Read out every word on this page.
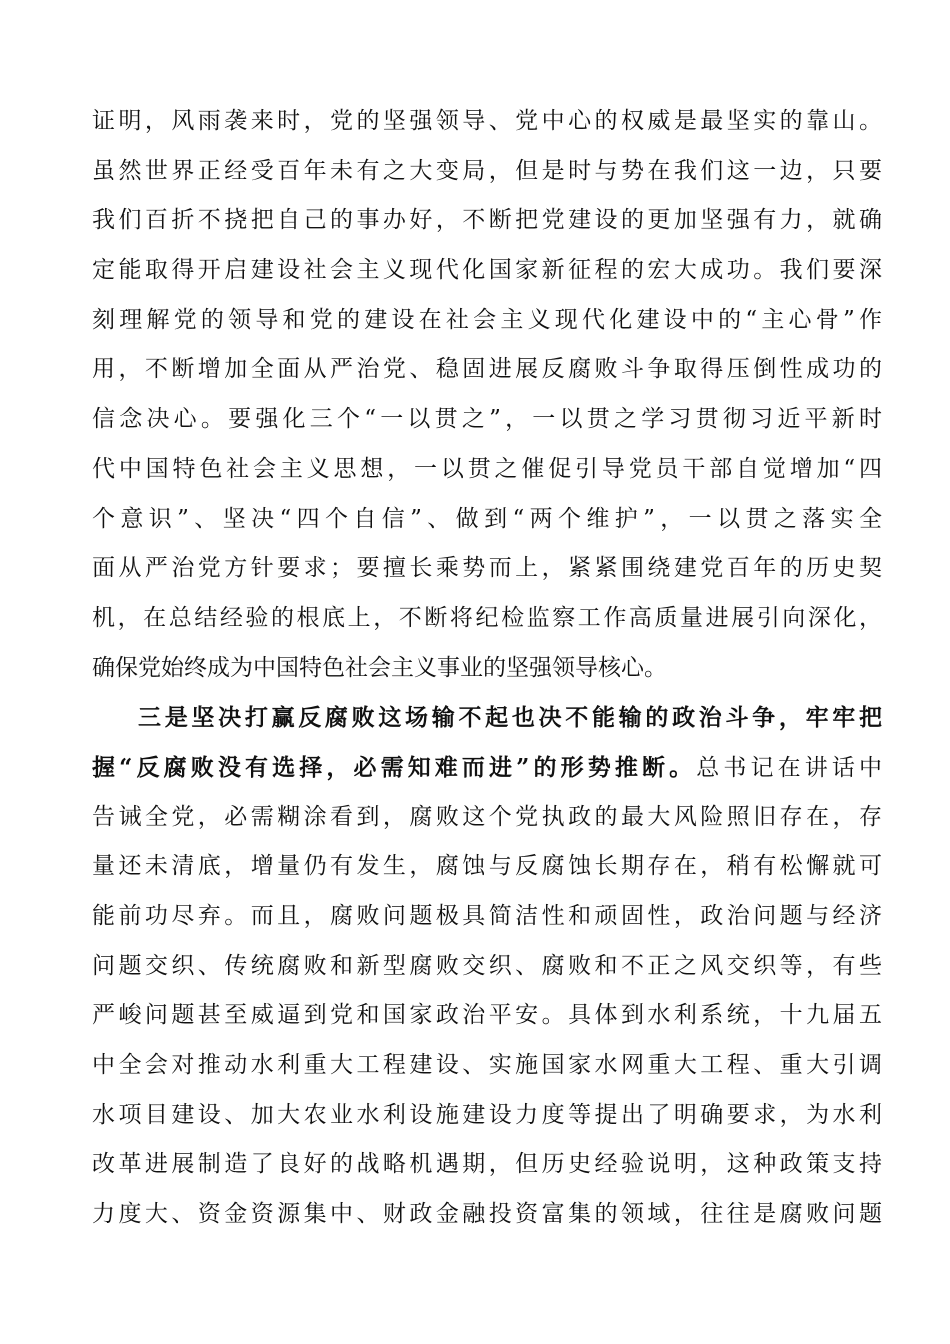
证明，风雨袭来时，党的坚强领导、党中心的权威是最坚实的靠山。
虽然世界正经受百年未有之大变局，但是时与势在我们这一边，只要
我们百折不挠把自己的事办好，不断把党建设的更加坚强有力，就确
定能取得开启建设社会主义现代化国家新征程的宏大成功。我们要深
刻理解党的领导和党的建设在社会主义现代化建设中的“主心骨”作
用，不断增加全面从严治党、稳固进展反腐败斗争取得压倒性成功的
信念决心。要强化三个“一以贯之”，一以贯之学习贯彻习近平新时
代中国特色社会主义思想，一以贯之催促引导党员干部自觉增加“四
个意识”、坚决“四个自信”、做到“两个维护”，一以贯之落实全
面从严治党方针要求；要擅长乘势而上，紧紧围绕建党百年的历史契
机，在总结经验的根底上，不断将纪检监察工作高质量进展引向深化，
确保党始终成为中国特色社会主义事业的坚强领导核心。
三是坚决打赢反腐败这场输不起也决不能输的政治斗争，牢牢把
握“反腐败没有选择，必需知难而进”的形势推断。总书记在讲话中
告诫全党，必需糊涂看到，腐败这个党执政的最大风险照旧存在，存
量还未清底，增量仍有发生，腐蚀与反腐蚀长期存在，稍有松懈就可
能前功尽弃。而且，腐败问题极具简洁性和顽固性，政治问题与经济
问题交织、传统腐败和新型腐败交织、腐败和不正之风交织等，有些
严峻问题甚至威逼到党和国家政治平安。具体到水利系统，十九届五
中全会对推动水利重大工程建设、实施国家水网重大工程、重大引调
水项目建设、加大农业水利设施建设力度等提出了明确要求，为水利
改革进展制造了良好的战略机遇期，但历史经验说明，这种政策支持
力度大、资金资源集中、财政金融投资富集的领域，往往是腐败问题
